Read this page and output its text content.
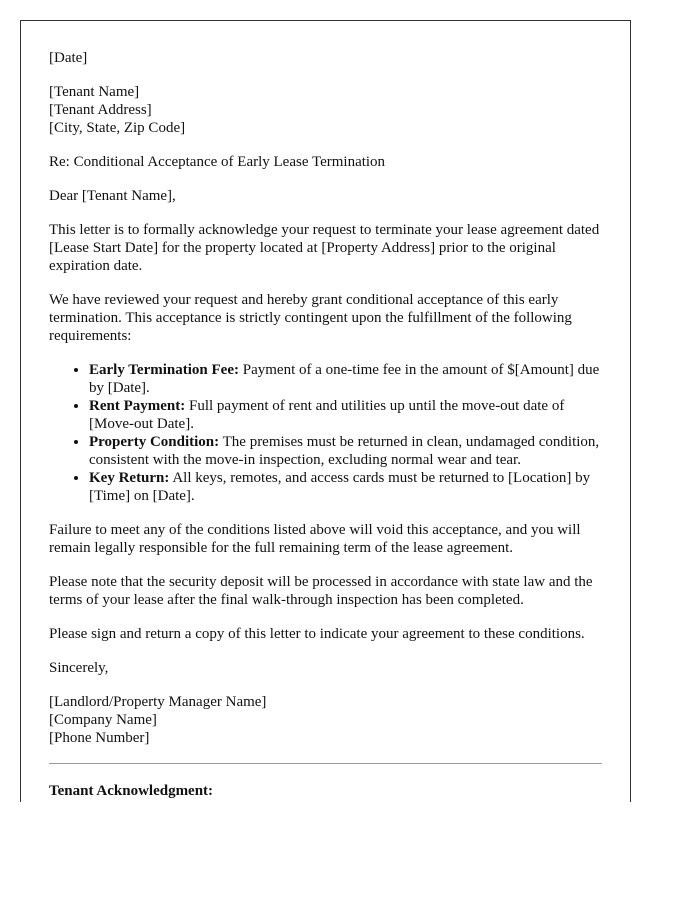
[Date]

[Tenant Name]
[Tenant Address]
[City, State, Zip Code]

Re: Conditional Acceptance of Early Lease Termination

Dear [Tenant Name],

This letter is to formally acknowledge your request to terminate your lease agreement dated [Lease Start Date] for the property located at [Property Address] prior to the original expiration date.

We have reviewed your request and hereby grant conditional acceptance of this early termination. This acceptance is strictly contingent upon the fulfillment of the following requirements:

• Early Termination Fee: Payment of a one-time fee in the amount of $[Amount] due by [Date].
• Rent Payment: Full payment of rent and utilities up until the move-out date of [Move-out Date].
• Property Condition: The premises must be returned in clean, undamaged condition, consistent with the move-in inspection, excluding normal wear and tear.
• Key Return: All keys, remotes, and access cards must be returned to [Location] by [Time] on [Date].

Failure to meet any of the conditions listed above will void this acceptance, and you will remain legally responsible for the full remaining term of the lease agreement.

Please note that the security deposit will be processed in accordance with state law and the terms of your lease after the final walk-through inspection has been completed.

Please sign and return a copy of this letter to indicate your agreement to these conditions.

Sincerely,

[Landlord/Property Manager Name]
[Company Name]
[Phone Number]

Tenant Acknowledgment:
